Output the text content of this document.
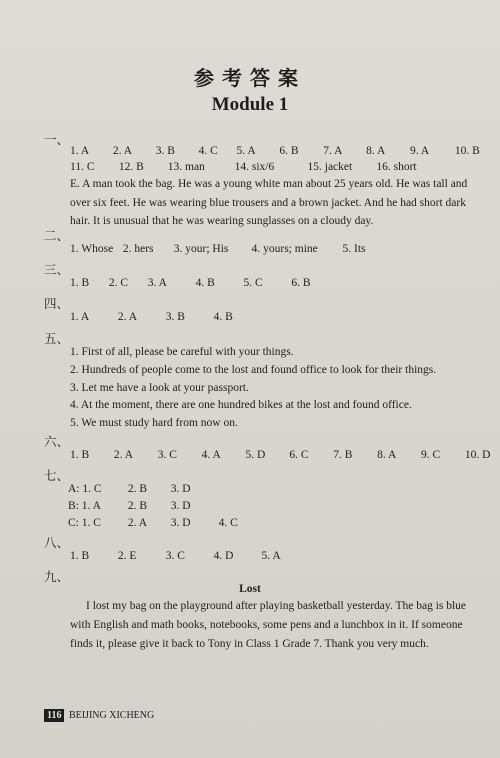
参考答案
Module 1
一、
1. A 2. A 3. B 4. C 5. A 6. B 7. A 8. A 9. A 10. B
11. C 12. B 13. man	14. six/6	15. jacket 16. short
E. A man took the bag. He was a young white man about 25 years old. He was tall and over six feet. He was wearing blue trousers and a brown jacket. And he had short dark hair. It is unusual that he was wearing sunglasses on a cloudy day.
二、
1. Whose 2. hers 3. your; His 4. yours; mine 5. Its
三、
1. B 2. C 3. A 4. B 5. C 6. B
四、
1. A 2. A 3. B 4. B
五、
1. First of all, please be careful with your things.
2. Hundreds of people come to the lost and found office to look for their things.
3. Let me have a look at your passport.
4. At the moment, there are one hundred bikes at the lost and found office.
5. We must study hard from now on.
六、
1. B 2. A 3. C 4. A 5. D 6. C 7. B 8. A 9. C 10. D
七、
A: 1. C 2. B 3. D
B: 1. A 2. B 3. D
C: 1. C 2. A 3. D 4. C
八、
1. B 2. E	3. C 4. D 5. A
九、
Lost
I lost my bag on the playground after playing basketball yesterday. The bag is blue with English and math books, notebooks, some pens and a lunchbox in it. If someone finds it, please give it back to Tony in Class 1 Grade 7. Thank you very much.
116 BEIJING XICHENG
